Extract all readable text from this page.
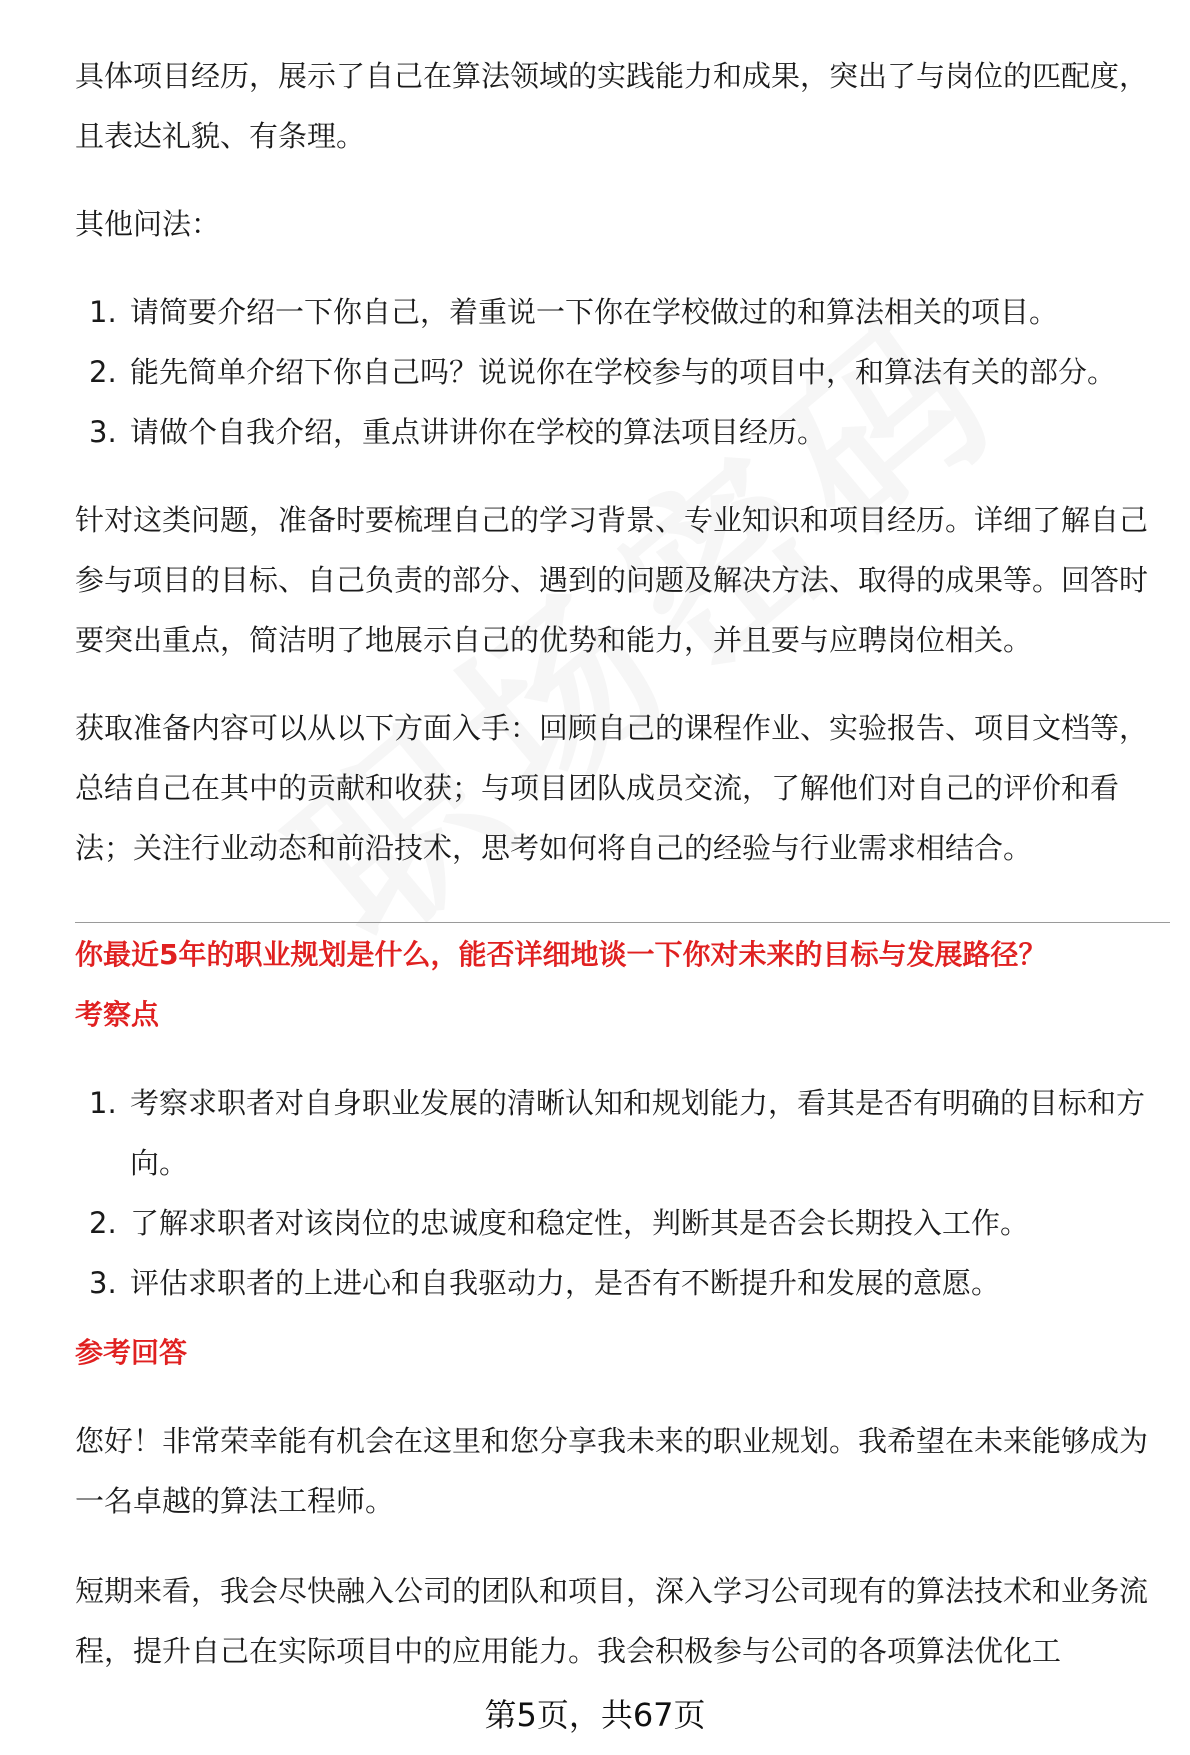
具体项目经历，展示了自己在算法领域的实践能力和成果，突出了与岗位的匹配度，且表达礼貌、有条理。

其他问法：

1. 请简要介绍一下你自己，着重说一下你在学校做过的和算法相关的项目。
2. 能先简单介绍下你自己吗？说说你在学校参与的项目中，和算法有关的部分。
3. 请做个自我介绍，重点讲讲你在学校的算法项目经历。

针对这类问题，准备时要梳理自己的学习背景、专业知识和项目经历。详细了解自己参与项目的目标、自己负责的部分、遇到的问题及解决方法、取得的成果等。回答时要突出重点，简洁明了地展示自己的优势和能力，并且要与应聘岗位相关。

获取准备内容可以从以下方面入手：回顾自己的课程作业、实验报告、项目文档等，总结自己在其中的贡献和收获；与项目团队成员交流，了解他们对自己的评价和看法；关注行业动态和前沿技术，思考如何将自己的经验与行业需求相结合。

你最近5年的职业规划是什么，能否详细地谈一下你对未来的目标与发展路径？

考察点

1. 考察求职者对自身职业发展的清晰认知和规划能力，看其是否有明确的目标和方向。
2. 了解求职者对该岗位的忠诚度和稳定性，判断其是否会长期投入工作。
3. 评估求职者的上进心和自我驱动力，是否有不断提升和发展的意愿。

参考回答

您好！非常荣幸能有机会在这里和您分享我未来的职业规划。我希望在未来能够成为一名卓越的算法工程师。

短期来看，我会尽快融入公司的团队和项目，深入学习公司现有的算法技术和业务流程，提升自己在实际项目中的应用能力。我会积极参与公司的各项算法优化工

第5页，共67页
